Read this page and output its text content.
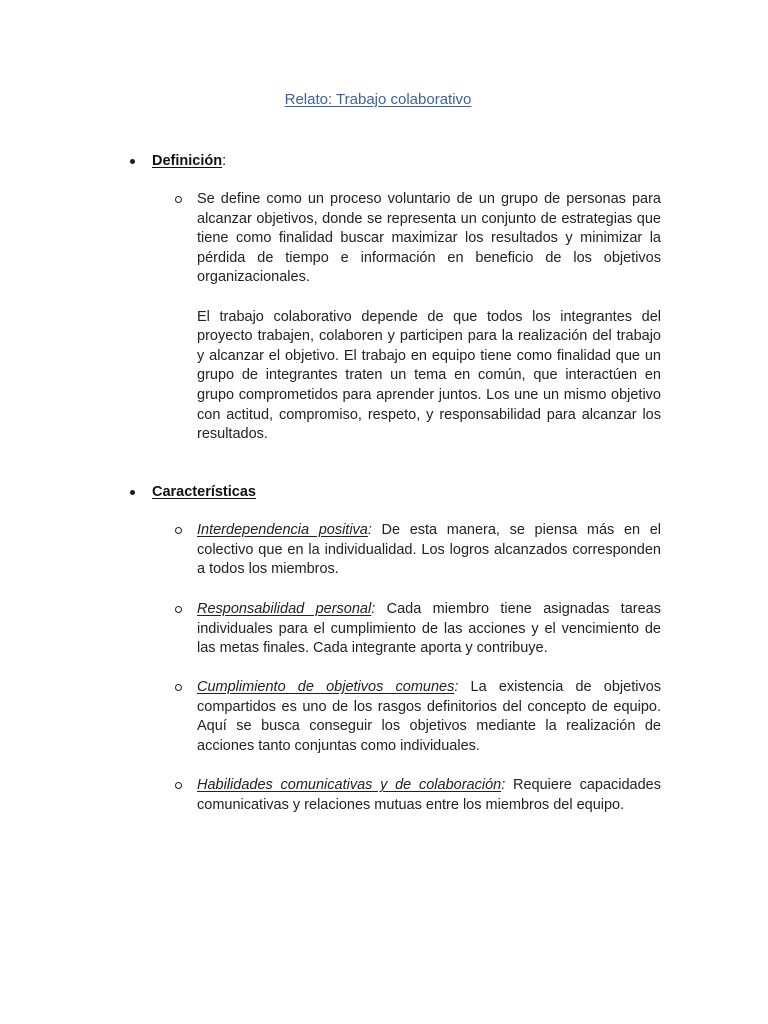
Relato: Trabajo colaborativo
Definición:

Se define como un proceso voluntario de un grupo de personas para alcanzar objetivos, donde se representa un conjunto de estrategias que tiene como finalidad buscar maximizar los resultados y minimizar la pérdida de tiempo e información en beneficio de los objetivos organizacionales.

El trabajo colaborativo depende de que todos los integrantes del proyecto trabajen, colaboren y participen para la realización del trabajo y alcanzar el objetivo. El trabajo en equipo tiene como finalidad que un grupo de integrantes traten un tema en común, que interactúen en grupo comprometidos para aprender juntos. Los une un mismo objetivo con actitud, compromiso, respeto, y responsabilidad para alcanzar los resultados.

Características
Interdependencia positiva: De esta manera, se piensa más en el colectivo que en la individualidad. Los logros alcanzados corresponden a todos los miembros.
Responsabilidad personal: Cada miembro tiene asignadas tareas individuales para el cumplimiento de las acciones y el vencimiento de las metas finales. Cada integrante aporta y contribuye.
Cumplimiento de objetivos comunes: La existencia de objetivos compartidos es uno de los rasgos definitorios del concepto de equipo. Aquí se busca conseguir los objetivos mediante la realización de acciones tanto conjuntas como individuales.
Habilidades comunicativas y de colaboración: Requiere capacidades comunicativas y relaciones mutuas entre los miembros del equipo.
